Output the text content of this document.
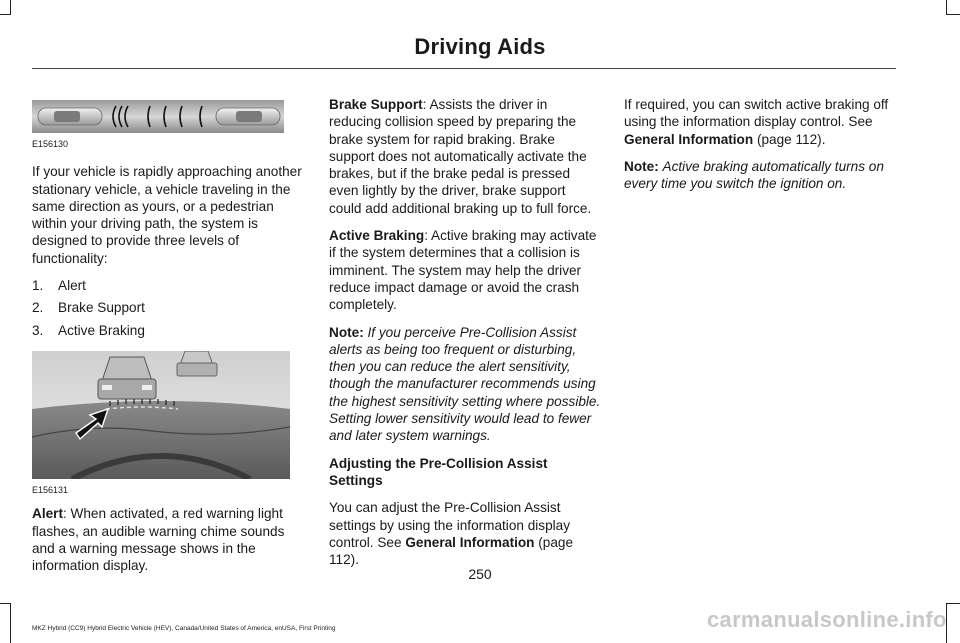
Driving Aids
E156130

If your vehicle is rapidly approaching another stationary vehicle, a vehicle traveling in the same direction as yours, or a pedestrian within your driving path, the system is designed to provide three levels of functionality:

1. Alert
2. Brake Support
3. Active Braking
E156131

Alert: When activated, a red warning light flashes, an audible warning chime sounds and a warning message shows in the information display.

Brake Support: Assists the driver in reducing collision speed by preparing the brake system for rapid braking. Brake support does not automatically activate the brakes, but if the brake pedal is pressed even lightly by the driver, brake support could add additional braking up to full force.

Active Braking: Active braking may activate if the system determines that a collision is imminent. The system may help the driver reduce impact damage or avoid the crash completely.

Note: If you perceive Pre-Collision Assist alerts as being too frequent or disturbing, then you can reduce the alert sensitivity, though the manufacturer recommends using the highest sensitivity setting where possible. Setting lower sensitivity would lead to fewer and later system warnings.

Adjusting the Pre-Collision Assist Settings

You can adjust the Pre-Collision Assist settings by using the information display control. See General Information (page 112).

If required, you can switch active braking off using the information display control. See General Information (page 112).

Note: Active braking automatically turns on every time you switch the ignition on.

250
MKZ Hybrid (CC9) Hybrid Electric Vehicle (HEV), Canada/United States of America, enUSA, First Printing	carmanualsonline.info
